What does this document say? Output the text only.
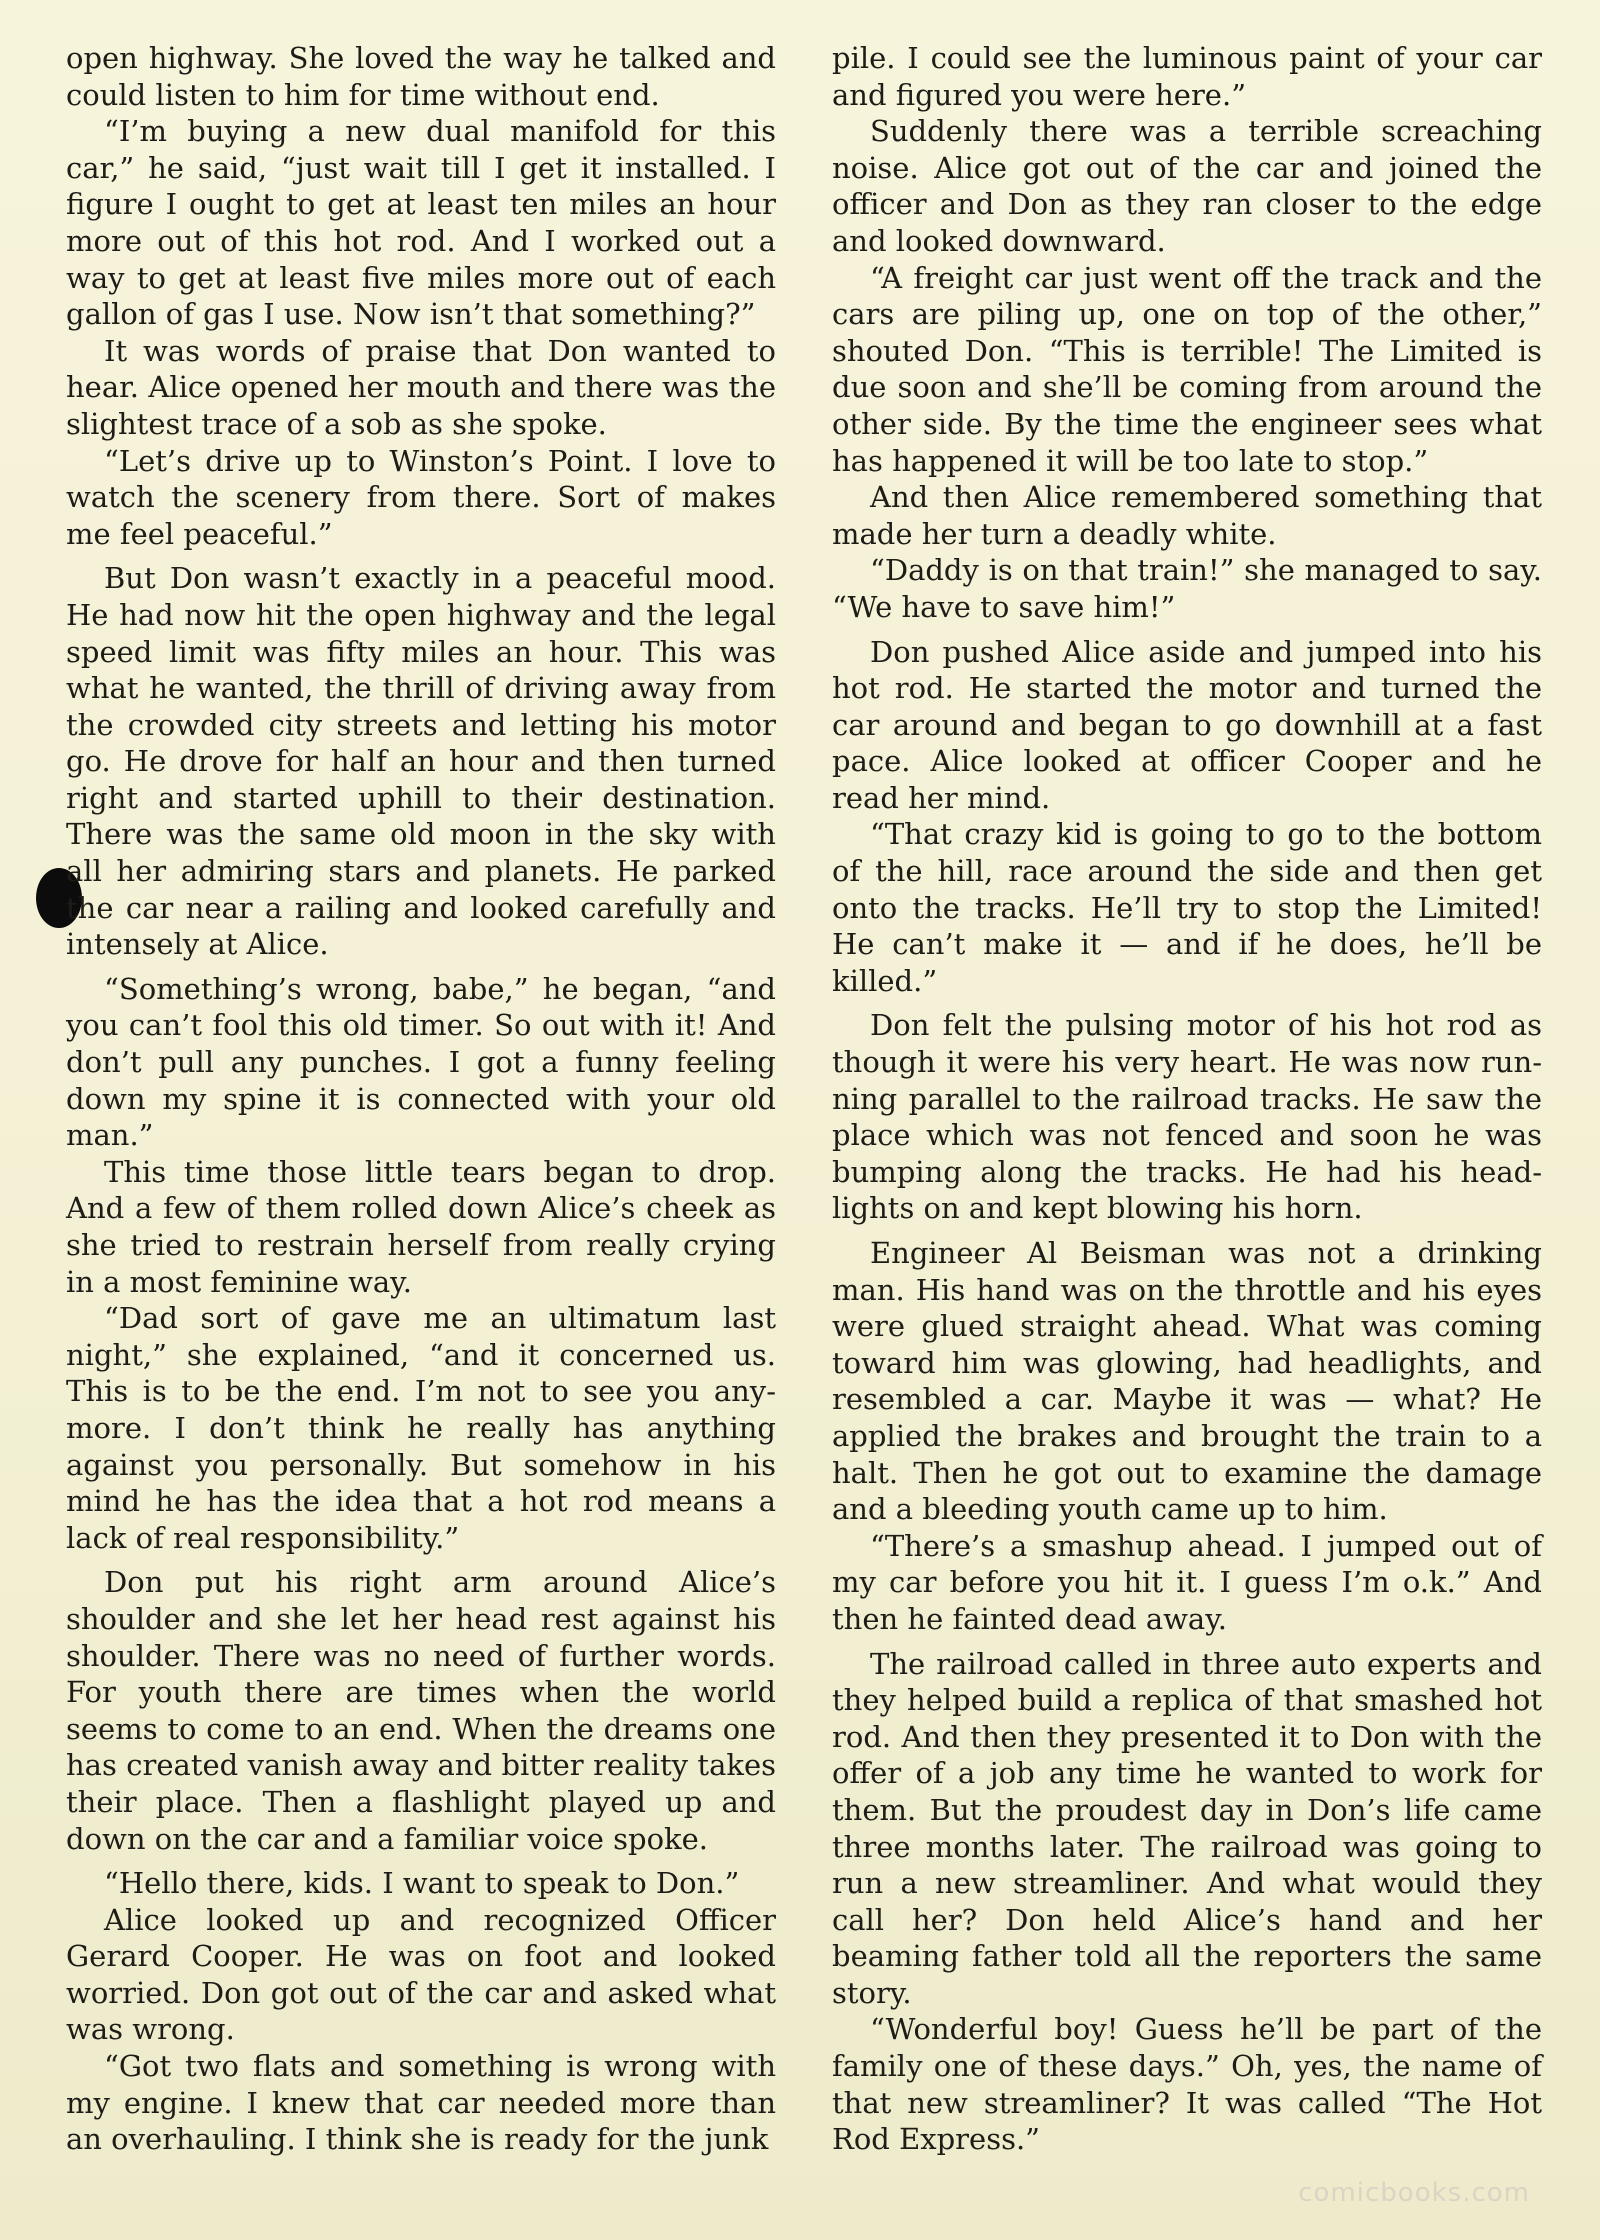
open highway. She loved the way he talked and could listen to him for time without end.

“I’m buying a new dual manifold for this car,” he said, “just wait till I get it installed. I figure I ought to get at least ten miles an hour more out of this hot rod. And I worked out a way to get at least five miles more out of each gallon of gas I use. Now isn’t that something?”

It was words of praise that Don wanted to hear. Alice opened her mouth and there was the slightest trace of a sob as she spoke.

“Let’s drive up to Winston’s Point. I love to watch the scenery from there. Sort of makes me feel peaceful.”

But Don wasn’t exactly in a peaceful mood. He had now hit the open highway and the legal speed limit was fifty miles an hour. This was what he wanted, the thrill of driving away from the crowded city streets and letting his motor go. He drove for half an hour and then turned right and started uphill to their destination. There was the same old moon in the sky with all her admiring stars and planets. He parked the car near a railing and looked carefully and intensely at Alice.

“Something’s wrong, babe,” he began, “and you can’t fool this old timer. So out with it! And don’t pull any punches. I got a funny feeling down my spine it is connected with your old man.”

This time those little tears began to drop. And a few of them rolled down Alice’s cheek as she tried to restrain herself from really crying in a most feminine way.

“Dad sort of gave me an ultimatum last night,” she explained, “and it concerned us. This is to be the end. I’m not to see you anymore. I don’t think he really has anything against you personally. But somehow in his mind he has the idea that a hot rod means a lack of real responsibility.”

Don put his right arm around Alice’s shoulder and she let her head rest against his shoulder. There was no need of further words. For youth there are times when the world seems to come to an end. When the dreams one has created vanish away and bitter reality takes their place. Then a flashlight played up and down on the car and a familiar voice spoke.

“Hello there, kids. I want to speak to Don.”

Alice looked up and recognized Officer Gerard Cooper. He was on foot and looked worried. Don got out of the car and asked what was wrong.

“Got two flats and something is wrong with my engine. I knew that car needed more than an overhauling. I think she is ready for the junk

pile. I could see the luminous paint of your car and figured you were here.”

Suddenly there was a terrible screaching noise. Alice got out of the car and joined the officer and Don as they ran closer to the edge and looked downward.

“A freight car just went off the track and the cars are piling up, one on top of the other,” shouted Don. “This is terrible! The Limited is due soon and she’ll be coming from around the other side. By the time the engineer sees what has happened it will be too late to stop.”

And then Alice remembered something that made her turn a deadly white.

“Daddy is on that train!” she managed to say. “We have to save him!”

Don pushed Alice aside and jumped into his hot rod. He started the motor and turned the car around and began to go downhill at a fast pace. Alice looked at officer Cooper and he read her mind.

“That crazy kid is going to go to the bottom of the hill, race around the side and then get onto the tracks. He’ll try to stop the Limited! He can’t make it — and if he does, he’ll be killed.”

Don felt the pulsing motor of his hot rod as though it were his very heart. He was now running parallel to the railroad tracks. He saw the place which was not fenced and soon he was bumping along the tracks. He had his headlights on and kept blowing his horn.

Engineer Al Beisman was not a drinking man. His hand was on the throttle and his eyes were glued straight ahead. What was coming toward him was glowing, had headlights, and resembled a car. Maybe it was — what? He applied the brakes and brought the train to a halt. Then he got out to examine the damage and a bleeding youth came up to him.

“There’s a smashup ahead. I jumped out of my car before you hit it. I guess I’m o.k.” And then he fainted dead away.

The railroad called in three auto experts and they helped build a replica of that smashed hot rod. And then they presented it to Don with the offer of a job any time he wanted to work for them. But the proudest day in Don’s life came three months later. The railroad was going to run a new streamliner. And what would they call her? Don held Alice’s hand and her beaming father told all the reporters the same story.

“Wonderful boy! Guess he’ll be part of the family one of these days.” Oh, yes, the name of that new streamliner? It was called “The Hot Rod Express.”

comicbooks.com
